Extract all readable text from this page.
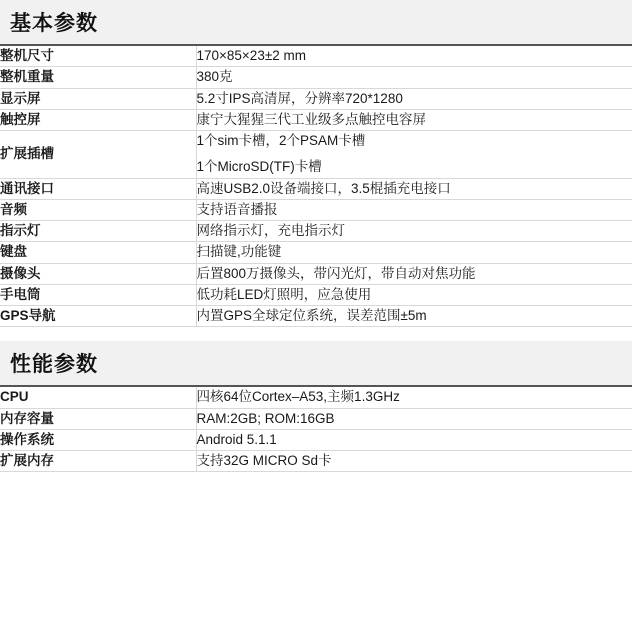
基本参数
整机尺寸	170×85×23±2 mm

整机重量	380克

显示屏	5.2寸IPS高清屏，分辨率720*1280

触控屏	康宁大猩猩三代工业级多点触控电容屏

扩展插槽	1个sim卡槽，2个PSAM卡槽
1个MicroSD(TF)卡槽

通讯接口	高速USB2.0设备端接口，3.5棍插充电接口

音频	支持语音播报

指示灯	网络指示灯，充电指示灯

键盘	扫描键,功能键

摄像头	后置800万摄像头，带闪光灯，带自动对焦功能

手电筒	低功耗LED灯照明，应急使用

GPS导航	内置GPS全球定位系统，误差范围±5m
性能参数
CPU	四核64位Cortex–A53,主频1.3GHz

内存容量	RAM:2GB; ROM:16GB

操作系统	Android 5.1.1

扩展内存	支持32G MICRO Sd卡
